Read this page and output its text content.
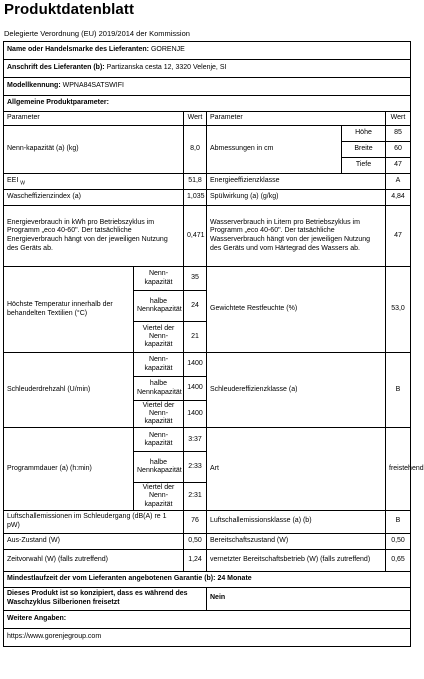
Produktdatenblatt
Delegierte Verordnung (EU) 2019/2014 der Kommission
Name oder Handelsmarke des Lieferanten: GORENJE					
Anschrift des Lieferanten (b): Partizanska cesta 12, 3320 Velenje, SI					
Modellkennung: WPNA84SATSWIFI					
Allgemeine Produktparameter:					
Parameter		Wert	Parameter		Wert
Nenn-kapazität (a) (kg)		8,0	Abmessungen in cm	Höhe	85
				Breite	60
				Tiefe	47
EEI $_W$		51,8	Energieeffizienzklasse		A
Wascheffizienzindex (a)		1,035	Spülwirkung (a) (g/kg)		4,84
Energieverbrauch in kWh pro Betriebszyklus im Programm „eco 40-60". Der tatsächliche Energieverbrauch hängt von der jeweiligen Nutzung des Geräts ab.		0,471	Wasserverbrauch in Litern pro Betriebszyklus im Programm „eco 40-60". Der tatsächliche Wasserverbrauch hängt von der jeweiligen Nutzung des Geräts und vom Härtegrad des Wassers ab.		47
Höchste Temperatur innerhalb der behandelten Textilien (°C)	Nenn-kapazität	35	Gewichtete Restfeuchte (%)		53,0
	halbe Nennkapazität	24			
	Viertel der Nenn-kapazität	21			
Schleuderdrehzahl (U/min)	Nenn-kapazität	1400	Schleudereffizienzklasse (a)		B
	halbe Nennkapazität	1400			
	Viertel der Nenn-kapazität	1400			
Programmdauer (a) (h:min)	Nenn-kapazität	3:37	Art		freistehend
	halbe Nennkapazität	2:33			
	Viertel der Nenn-kapazität	2:31			
Luftschallemissionen im Schleudergang (dB(A) re 1 pW)		76	Luftschallemissionsklasse (a) (b)		B
Aus-Zustand (W)		0,50	Bereitschaftszustand (W)		0,50
Zeitvorwahl (W) (falls zutreffend)		1,24	vernetzter Bereitschaftsbetrieb (W) (falls zutreffend)		0,65
Mindestlaufzeit der vom Lieferanten angebotenen Garantie (b): 24 Monate					
Dieses Produkt ist so konzipiert, dass es während des Waschzyklus Silberionen freisetzt			Nein		
Weitere Angaben:					
https://www.gorenjegroup.com					
